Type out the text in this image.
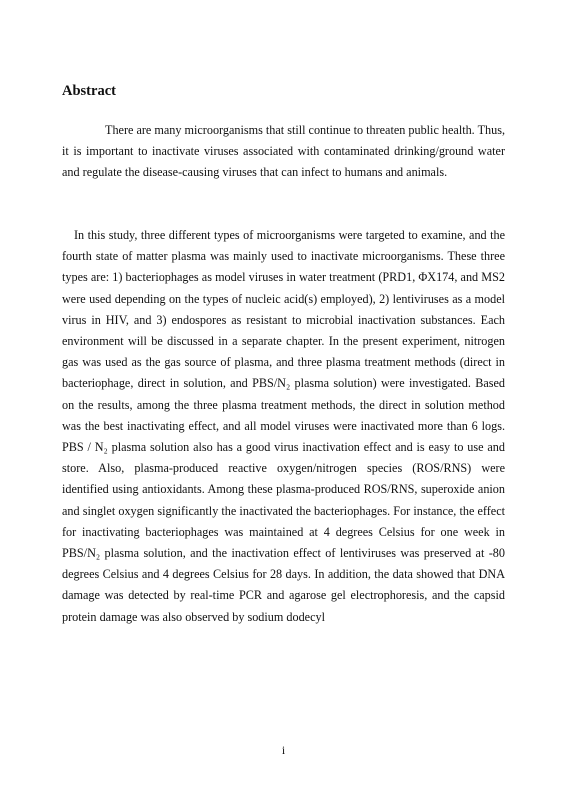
Abstract

There are many microorganisms that still continue to threaten public health. Thus, it is important to inactivate viruses associated with contaminated drinking/ground water and regulate the disease-causing viruses that can infect to humans and animals.

In this study, three different types of microorganisms were targeted to examine, and the fourth state of matter plasma was mainly used to inactivate microorganisms. These three types are: 1) bacteriophages as model viruses in water treatment (PRD1, ΦX174, and MS2 were used depending on the types of nucleic acid(s) employed), 2) lentiviruses as a model virus in HIV, and 3) endospores as resistant to microbial inactivation substances. Each environment will be discussed in a separate chapter. In the present experiment, nitrogen gas was used as the gas source of plasma, and three plasma treatment methods (direct in bacteriophage, direct in solution, and PBS/N₂ plasma solution) were investigated. Based on the results, among the three plasma treatment methods, the direct in solution method was the best inactivating effect, and all model viruses were inactivated more than 6 logs. PBS / N₂ plasma solution also has a good virus inactivation effect and is easy to use and store. Also, plasma-produced reactive oxygen/nitrogen species (ROS/RNS) were identified using antioxidants. Among these plasma-produced ROS/RNS, superoxide anion and singlet oxygen significantly the inactivated the bacteriophages. For instance, the effect for inactivating bacteriophages was maintained at 4 degrees Celsius for one week in PBS/N₂ plasma solution, and the inactivation effect of lentiviruses was preserved at -80 degrees Celsius and 4 degrees Celsius for 28 days. In addition, the data showed that DNA damage was detected by real-time PCR and agarose gel electrophoresis, and the capsid protein damage was also observed by sodium dodecyl

i
